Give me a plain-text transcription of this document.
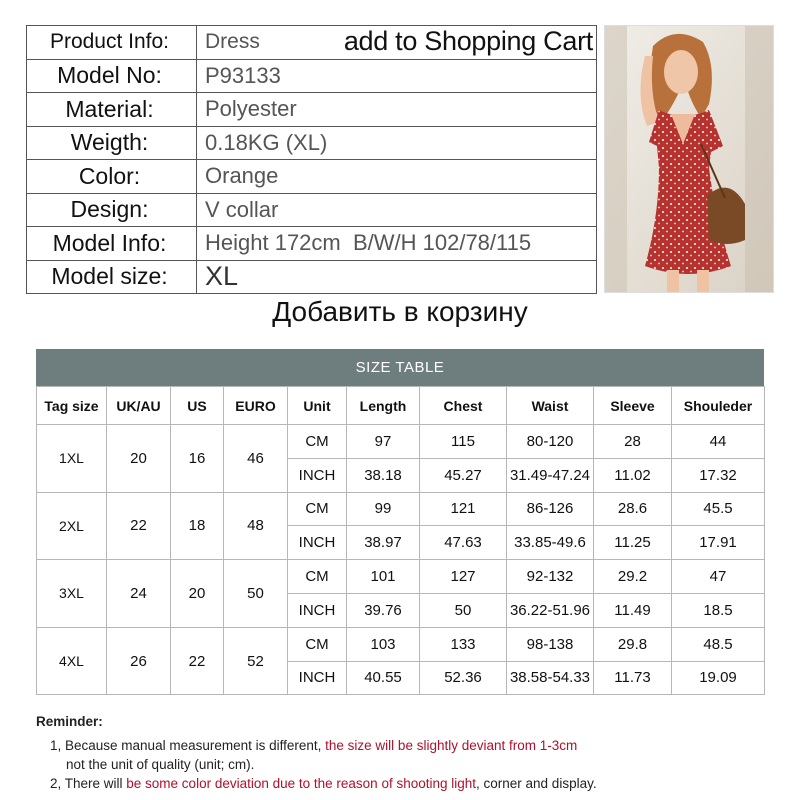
Product Info:	Dress add to Shopping Cart

Model No:	P93133
Material:	Polyester
Weigth:	0.18KG (XL)
Color:	Orange
Design:	V collar
Model Info:	Height 172cm  B/W/H 102/78/115
Model size:	XL
Добавить в корзину
SIZE TABLE
Tag size	UK/AU	US	EURO	Unit	Length	Chest	Waist	Sleeve	Shouleder
1XL	20	16	46	CM	97	115	80-120	28	44
				INCH	38.18	45.27	31.49-47.24	11.02	17.32
2XL	22	18	48	CM	99	121	86-126	28.6	45.5
				INCH	38.97	47.63	33.85-49.6	11.25	17.91
3XL	24	20	50	CM	101	127	92-132	29.2	47
				INCH	39.76	50	36.22-51.96	11.49	18.5
4XL	26	22	52	CM	103	133	98-138	29.8	48.5
				INCH	40.55	52.36	38.58-54.33	11.73	19.09
Reminder:
1, Because manual measurement is different, the size will be slightly deviant from 1-3cm
not the unit of quality (unit; cm).
2, There will be some color deviation due to the reason of shooting light, corner and display.
